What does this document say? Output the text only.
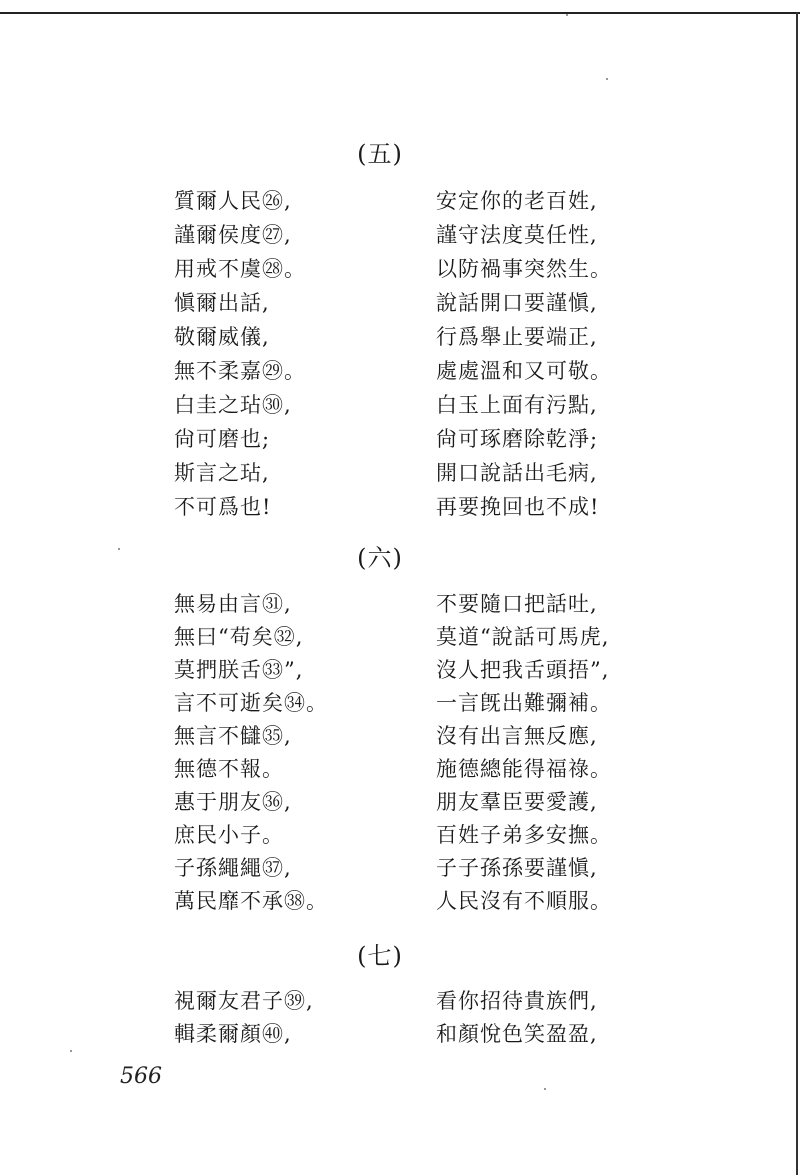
(五)
質爾人民㉖,	安定你的老百姓,
謹爾侯度㉗,	謹守法度莫任性,
用戒不虞㉘。	以防禍事突然生。
愼爾出話,	說話開口要謹愼,
敬爾威儀,	行爲舉止要端正,
無不柔嘉㉙。	處處溫和又可敬。
白圭之玷㉚,	白玉上面有污點,
尙可磨也;	尙可琢磨除乾淨;
斯言之玷,	開口說話出毛病,
不可爲也!	再要挽回也不成!
(六)
無易由言㉛,	不要隨口把話吐,
無曰“苟矣㉜,	莫道“說話可馬虎,
莫捫朕舌㉝”,	沒人把我舌頭捂”,
言不可逝矣㉞。	一言旣出難彌補。
無言不讎㉟,	沒有出言無反應,
無德不報。	施德總能得福祿。
惠于朋友㊱,	朋友羣臣要愛護,
庶民小子。	百姓子弟多安撫。
子孫繩繩㊲,	子子孫孫要謹愼,
萬民靡不承㊳。	人民沒有不順服。
(七)
視爾友君子㊴,	看你招待貴族們,
輯柔爾顏㊵,	和顏悅色笑盈盈,
566
